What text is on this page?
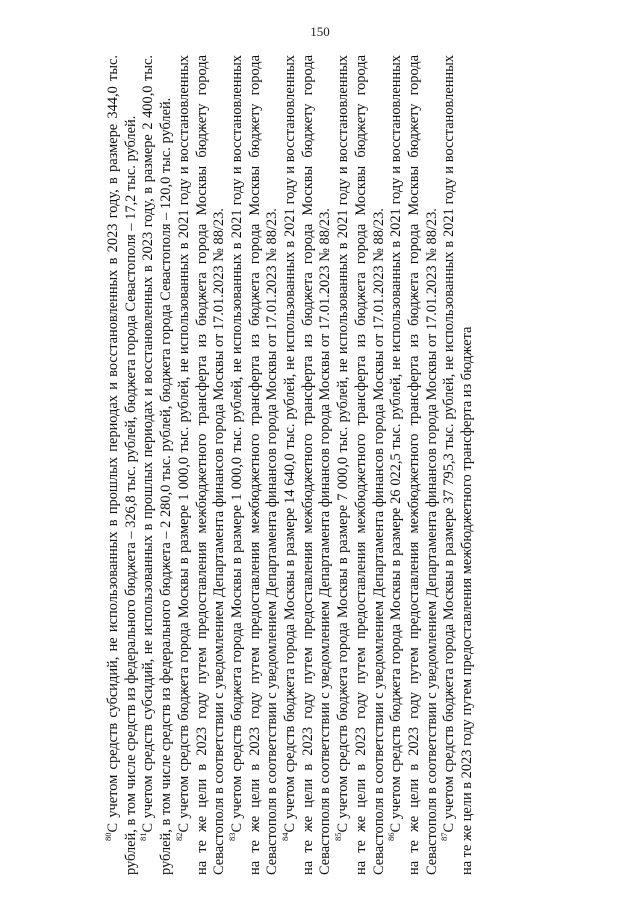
150

$^{80}$С учетом средств субсидий, не использованных в прошлых периодах и восстановленных в 2023 году, в размере 344,0 тыс. рублей, в том числе средств из федерального бюджета – 326,8 тыс. рублей, бюджета города Севастополя – 17,2 тыс. рублей. $^{81}$С учетом средств субсидий, не использованных в прошлых периодах и восстановленных в 2023 году, в размере 2 400,0 тыс. рублей, в том числе средств из федерального бюджета – 2 280,0 тыс. рублей, бюджета города Севастополя – 120,0 тыс. рублей. $^{82}$С учетом средств бюджета города Москвы в размере 1 000,0 тыс. рублей, не использованных в 2021 году и восстановленных на те же цели в 2023 году путем предоставления межбюджетного трансферта из бюджета города Москвы бюджету города Севастополя в соответствии с уведомлением Департамента финансов города Москвы от 17.01.2023 № 88/23. $^{83}$С учетом средств бюджета города Москвы в размере 1 000,0 тыс. рублей, не использованных в 2021 году и восстановленных на те же цели в 2023 году путем предоставления межбюджетного трансферта из бюджета города Москвы бюджету города Севастополя в соответствии с уведомлением Департамента финансов города Москвы от 17.01.2023 № 88/23. $^{84}$С учетом средств бюджета города Москвы в размере 14 640,0 тыс. рублей, не использованных в 2021 году и восстановленных на те же цели в 2023 году путем предоставления межбюджетного трансферта из бюджета города Москвы бюджету города Севастополя в соответствии с уведомлением Департамента финансов города Москвы от 17.01.2023 № 88/23. $^{85}$С учетом средств бюджета города Москвы в размере 7 000,0 тыс. рублей, не использованных в 2021 году и восстановленных на те же цели в 2023 году путем предоставления межбюджетного трансферта из бюджета города Москвы бюджету города Севастополя в соответствии с уведомлением Департамента финансов города Москвы от 17.01.2023 № 88/23. $^{86}$С учетом средств бюджета города Москвы в размере 26 022,5 тыс. рублей, не использованных в 2021 году и восстановленных на те же цели в 2023 году путем предоставления межбюджетного трансферта из бюджета города Москвы бюджету города Севастополя в соответствии с уведомлением Департамента финансов города Москвы от 17.01.2023 № 88/23. $^{87}$С учетом средств бюджета города Москвы в размере 37 795,3 тыс. рублей, не использованных в 2021 году и восстановленных на те же цели в 2023 году путем предоставления межбюджетного трансферта из бюджета
